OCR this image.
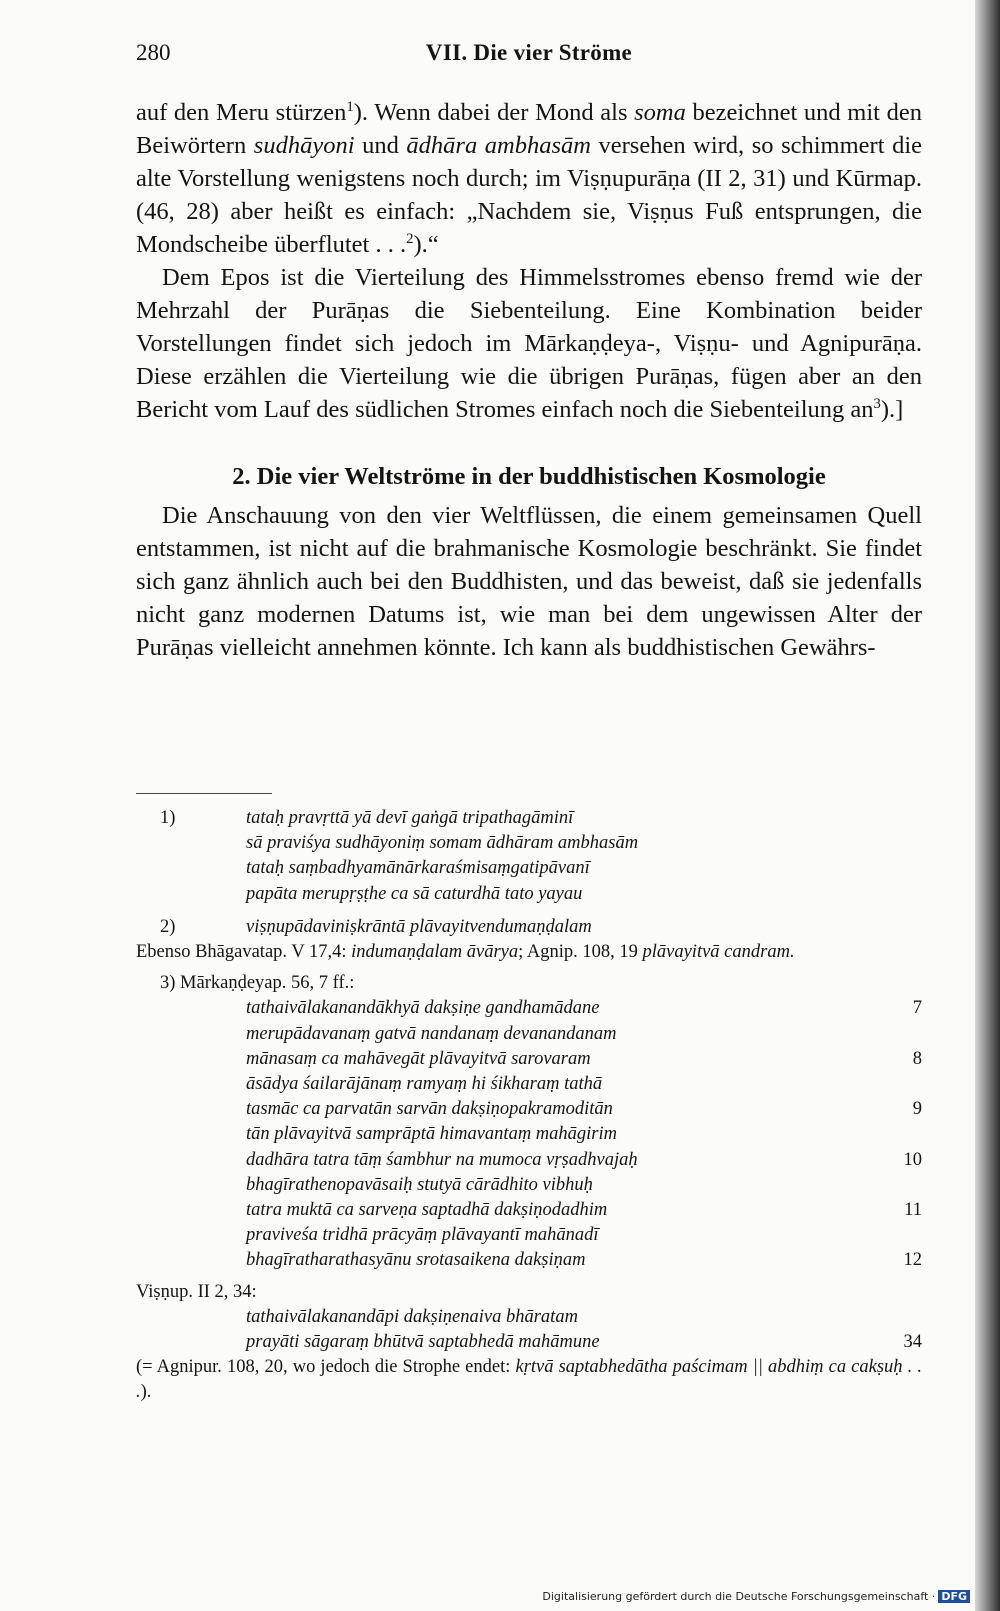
280	VII. Die vier Ströme

auf den Meru stürzen$^1$). Wenn dabei der Mond als soma bezeichnet und mit den Beiwörtern sudhāyoni und ādhāra ambhasām versehen wird, so schimmert die alte Vorstellung wenigstens noch durch; im Viṣṇupurāṇa (II 2, 31) und Kūrmap. (46, 28) aber heißt es einfach: „Nachdem sie, Viṣṇus Fuß entsprungen, die Mondscheibe überflutet . . .$^2$).“

Dem Epos ist die Vierteilung des Himmelsstromes ebenso fremd wie der Mehrzahl der Purāṇas die Siebenteilung. Eine Kombination beider Vorstellungen findet sich jedoch im Mārkaṇḍeya-, Viṣṇu- und Agnipurāṇa. Diese erzählen die Vierteilung wie die übrigen Purāṇas, fügen aber an den Bericht vom Lauf des südlichen Stromes einfach noch die Siebenteilung $an^3$).]

2. Die vier Weltströme in der buddhistischen Kosmologie

Die Anschauung von den vier Weltflüssen, die einem gemeinsamen Quell entstammen, ist nicht auf die brahmanische Kosmologie beschränkt. Sie findet sich ganz ähnlich auch bei den Buddhisten, und das beweist, daß sie jedenfalls nicht ganz modernen Datums ist, wie man bei dem ungewissen Alter der Purāṇas vielleicht annehmen könnte. Ich kann als buddhistischen Gewährs-

1)	tataḥ pravṛttā yā devī gaṅgā tripathagāminī
sā praviśya sudhāyoniṃ somam ādhāram ambhasām
tataḥ saṃbadhyamānārkaraśmisaṃgatipāvanī
papāta merupṛṣṭhe ca sā caturdhā tato yayau
2)	viṣṇupādaviniṣkrāntā plāvayitvendumaṇḍalam
Ebenso Bhāgavatap. V 17,4: indumaṇḍalam āvārya; Agnip. 108, 19 plāvayitvā candram.
3) Mārkaṇḍeyap. 56, 7 ff.:
tathaivālakanandākhyā dakṣiṇe gandhamādane	7
merupādavanaṃ gatvā nandanaṃ devanandanam
mānasaṃ ca mahāvegāt plāvayitvā sarovaram	8
āsādya śailarājānaṃ ramyaṃ hi śikharaṃ tathā
tasmāc ca parvatān sarvān dakṣiṇopakramoditān	9
tān plāvayitvā samprāptā himavantaṃ mahāgirim
dadhāra tatra tāṃ śambhur na mumoca vṛṣadhvajaḥ	10
bhagīrathenopavāsaiḥ stutyā cārādhito vibhuḥ
tatra muktā ca sarveṇa saptadhā dakṣiṇodadhim	11
praviveśa tridhā prācyāṃ plāvayantī mahānadī
bhagīratharathasyānu srotasaikena dakṣiṇam	12
Viṣṇup. II 2, 34:
tathaivālakanandāpi dakṣiṇenaiva bhāratam
prayāti sāgaraṃ bhūtvā saptabhedā mahāmune	34
(= Agnipur. 108, 20, wo jedoch die Strophe endet: kṛtvā saptabhedātha paścimam || abdhiṃ ca cakṣuḥ . . .).
Digitalisierung gefördert durch die Deutsche Forschungsgemeinschaft · DFG
